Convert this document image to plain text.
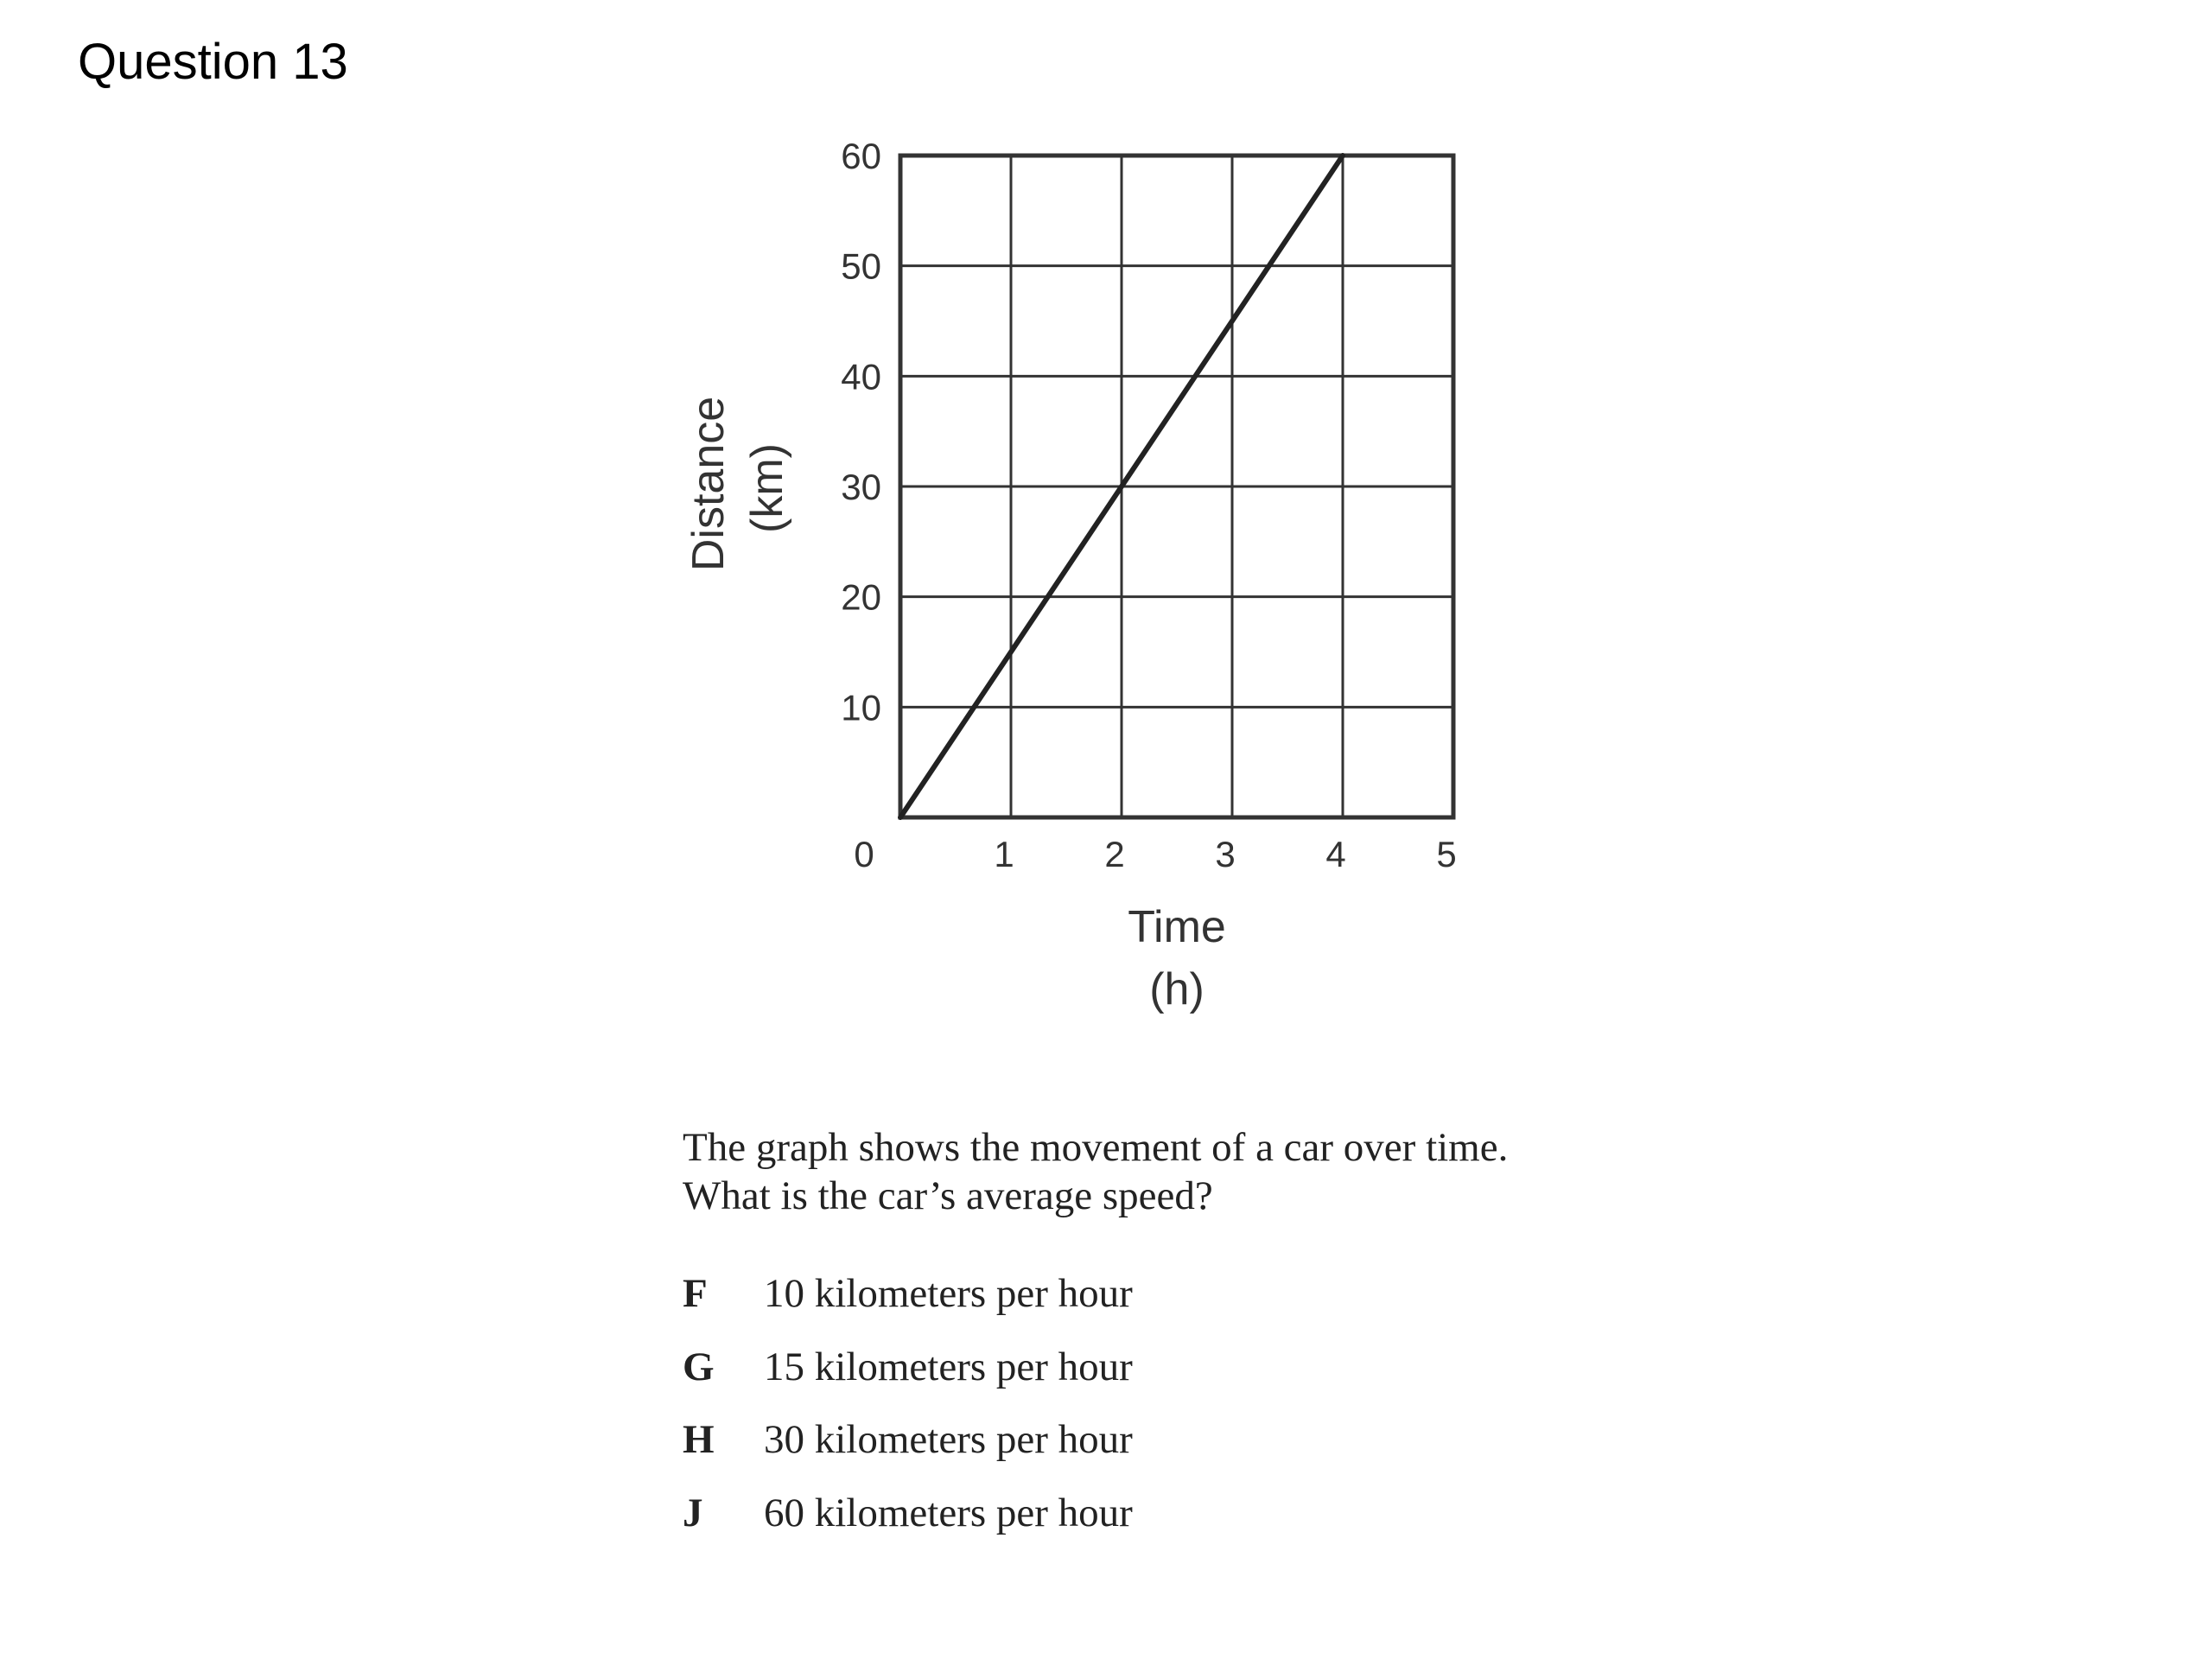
Question 13
1 2 3 4 5
10
20
30
40
50
60
0
Time
(h)
Distance (km)

The graph shows the movement of a car over time. What is the car’s average speed?

F	10 kilometers per hour
G	15 kilometers per hour
H	30 kilometers per hour
J	60 kilometers per hour
